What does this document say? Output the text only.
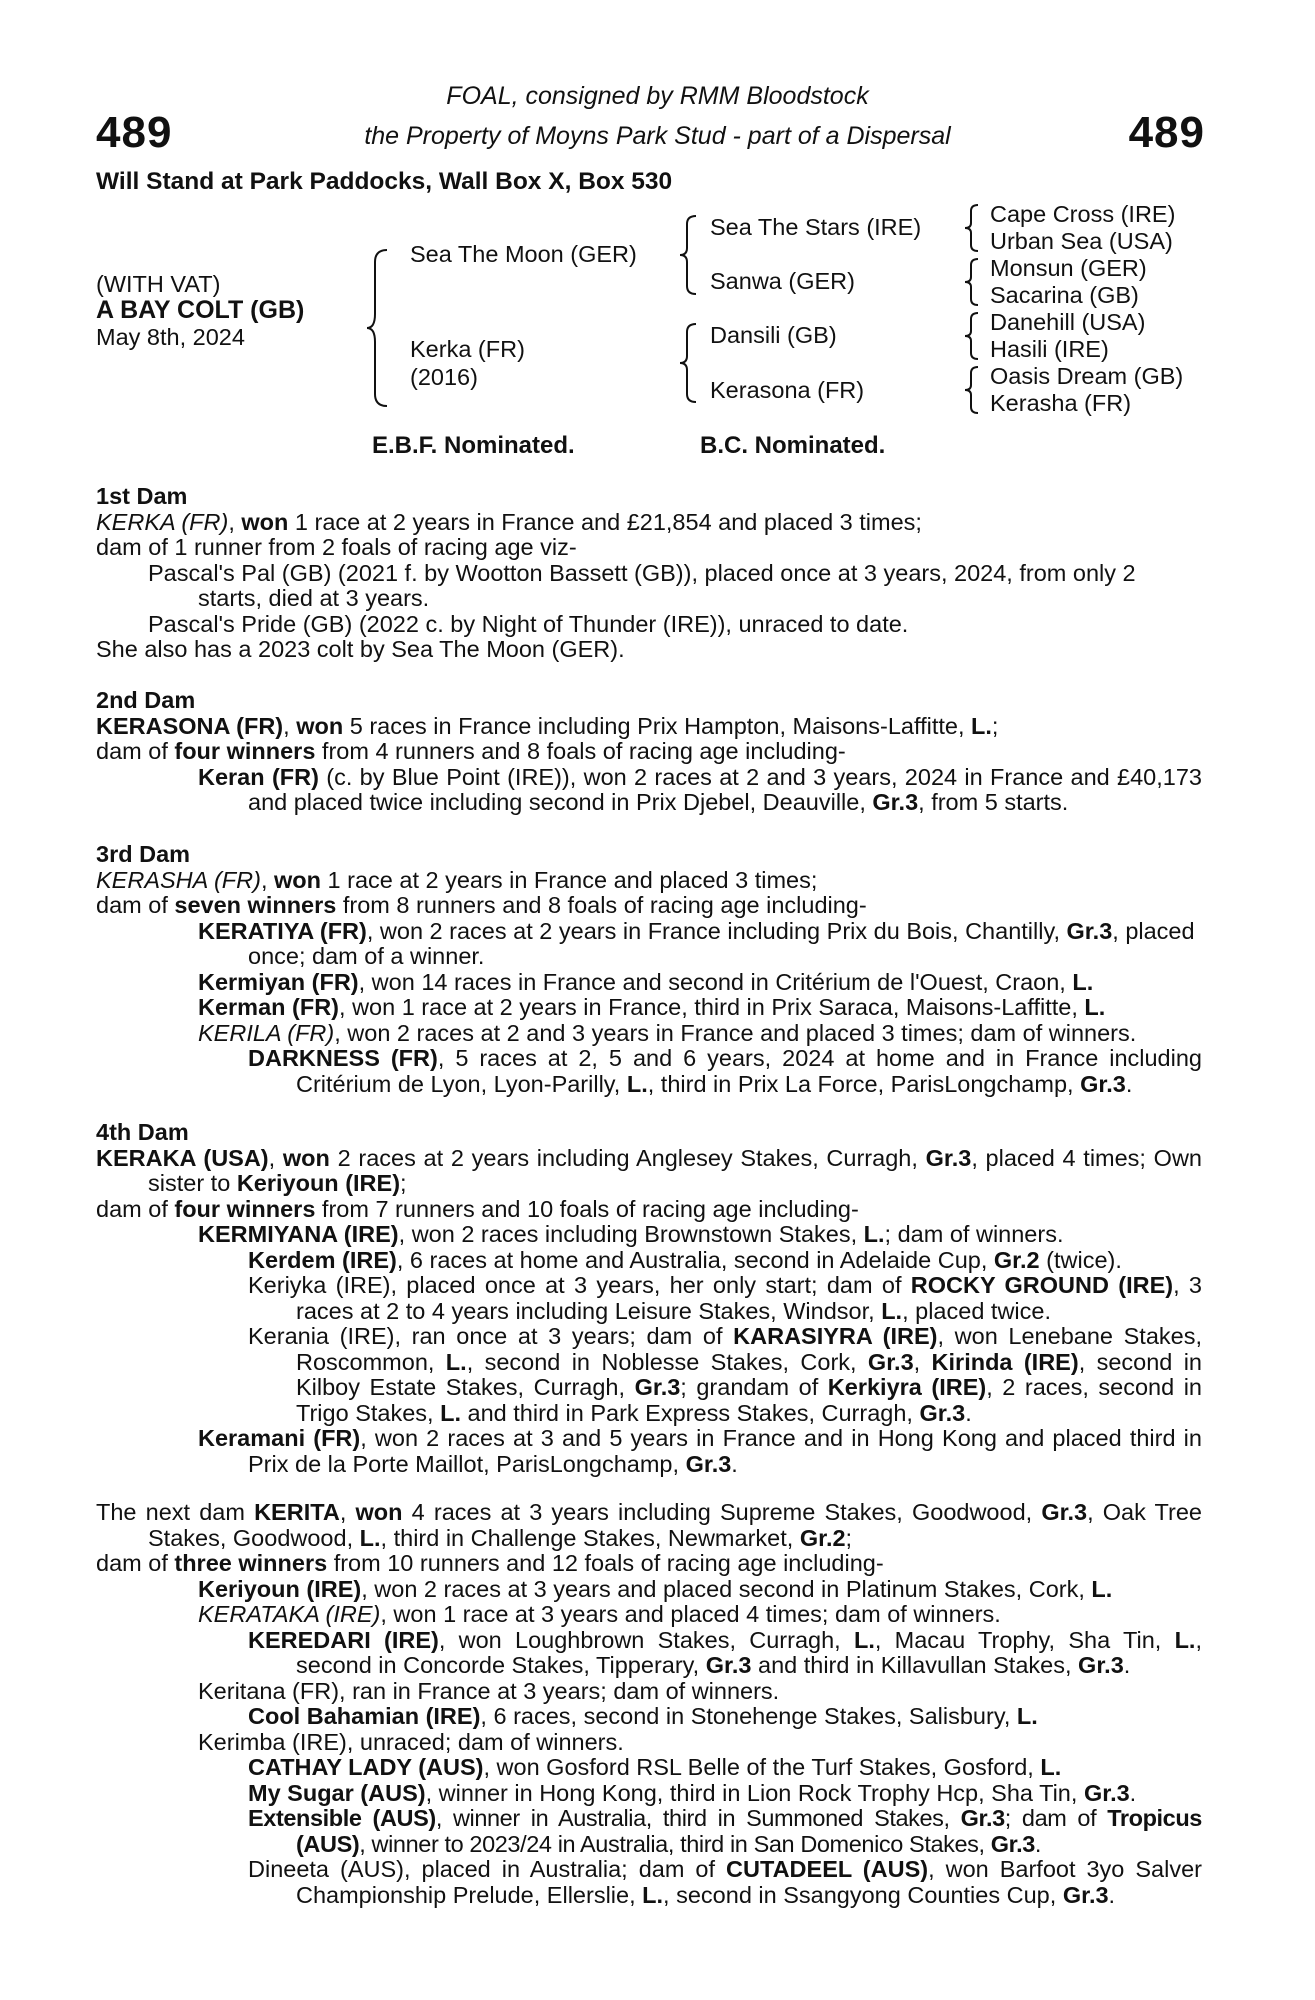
489	489
FOAL, consigned by RMM Bloodstock
the Property of Moyns Park Stud - part of a Dispersal
Will Stand at Park Paddocks, Wall Box X, Box 530
(WITH VAT)
A BAY COLT (GB)
May 8th, 2024
Sea The Moon (GER)
Kerka (FR)
(2016)
Sea The Stars (IRE)
Sanwa (GER)
Dansili (GB)
Kerasona (FR)
Cape Cross (IRE)
Urban Sea (USA)
Monsun (GER)
Sacarina (GB)
Danehill (USA)
Hasili (IRE)
Oasis Dream (GB)
Kerasha (FR)
E.B.F. Nominated.	B.C. Nominated.

1st Dam

KERKA (FR), won 1 race at 2 years in France and £21,854 and placed 3 times;

dam of 1 runner from 2 foals of racing age viz-

Pascal's Pal (GB) (2021 f. by Wootton Bassett (GB)), placed once at 3 years, 2024, from only 2 starts, died at 3 years.

Pascal's Pride (GB) (2022 c. by Night of Thunder (IRE)), unraced to date.

She also has a 2023 colt by Sea The Moon (GER).

2nd Dam

KERASONA (FR), won 5 races in France including Prix Hampton, Maisons-Laffitte, L.;

dam of four winners from 4 runners and 8 foals of racing age including-

Keran (FR) (c. by Blue Point (IRE)), won 2 races at 2 and 3 years, 2024 in France and £40,173 and placed twice including second in Prix Djebel, Deauville, Gr.3, from 5 starts.

3rd Dam

KERASHA (FR), won 1 race at 2 years in France and placed 3 times;

dam of seven winners from 8 runners and 8 foals of racing age including-

KERATIYA (FR), won 2 races at 2 years in France including Prix du Bois, Chantilly, Gr.3, placed once; dam of a winner.

Kermiyan (FR), won 14 races in France and second in Critérium de l'Ouest, Craon, L.

Kerman (FR), won 1 race at 2 years in France, third in Prix Saraca, Maisons-Laffitte, L.

KERILA (FR), won 2 races at 2 and 3 years in France and placed 3 times; dam of winners.

DARKNESS (FR), 5 races at 2, 5 and 6 years, 2024 at home and in France including Critérium de Lyon, Lyon-Parilly, L., third in Prix La Force, ParisLongchamp, Gr.3.

4th Dam

KERAKA (USA), won 2 races at 2 years including Anglesey Stakes, Curragh, Gr.3, placed 4 times; Own sister to Keriyoun (IRE);

dam of four winners from 7 runners and 10 foals of racing age including-

KERMIYANA (IRE), won 2 races including Brownstown Stakes, L.; dam of winners.

Kerdem (IRE), 6 races at home and Australia, second in Adelaide Cup, Gr.2 (twice).

Keriyka (IRE), placed once at 3 years, her only start; dam of ROCKY GROUND (IRE), 3 races at 2 to 4 years including Leisure Stakes, Windsor, L., placed twice.

Kerania (IRE), ran once at 3 years; dam of KARASIYRA (IRE), won Lenebane Stakes, Roscommon, L., second in Noblesse Stakes, Cork, Gr.3, Kirinda (IRE), second in Kilboy Estate Stakes, Curragh, Gr.3; grandam of Kerkiyra (IRE), 2 races, second in Trigo Stakes, L. and third in Park Express Stakes, Curragh, Gr.3.

Keramani (FR), won 2 races at 3 and 5 years in France and in Hong Kong and placed third in Prix de la Porte Maillot, ParisLongchamp, Gr.3.

The next dam KERITA, won 4 races at 3 years including Supreme Stakes, Goodwood, Gr.3, Oak Tree Stakes, Goodwood, L., third in Challenge Stakes, Newmarket, Gr.2;

dam of three winners from 10 runners and 12 foals of racing age including-

Keriyoun (IRE), won 2 races at 3 years and placed second in Platinum Stakes, Cork, L.

KERATAKA (IRE), won 1 race at 3 years and placed 4 times; dam of winners.

KEREDARI (IRE), won Loughbrown Stakes, Curragh, L., Macau Trophy, Sha Tin, L., second in Concorde Stakes, Tipperary, Gr.3 and third in Killavullan Stakes, Gr.3.

Keritana (FR), ran in France at 3 years; dam of winners.

Cool Bahamian (IRE), 6 races, second in Stonehenge Stakes, Salisbury, L.

Kerimba (IRE), unraced; dam of winners.

CATHAY LADY (AUS), won Gosford RSL Belle of the Turf Stakes, Gosford, L.

My Sugar (AUS), winner in Hong Kong, third in Lion Rock Trophy Hcp, Sha Tin, Gr.3.

Extensible (AUS), winner in Australia, third in Summoned Stakes, Gr.3; dam of Tropicus (AUS), winner to 2023/24 in Australia, third in San Domenico Stakes, Gr.3.

Dineeta (AUS), placed in Australia; dam of CUTADEEL (AUS), won Barfoot 3yo Salver Championship Prelude, Ellerslie, L., second in Ssangyong Counties Cup, Gr.3.
